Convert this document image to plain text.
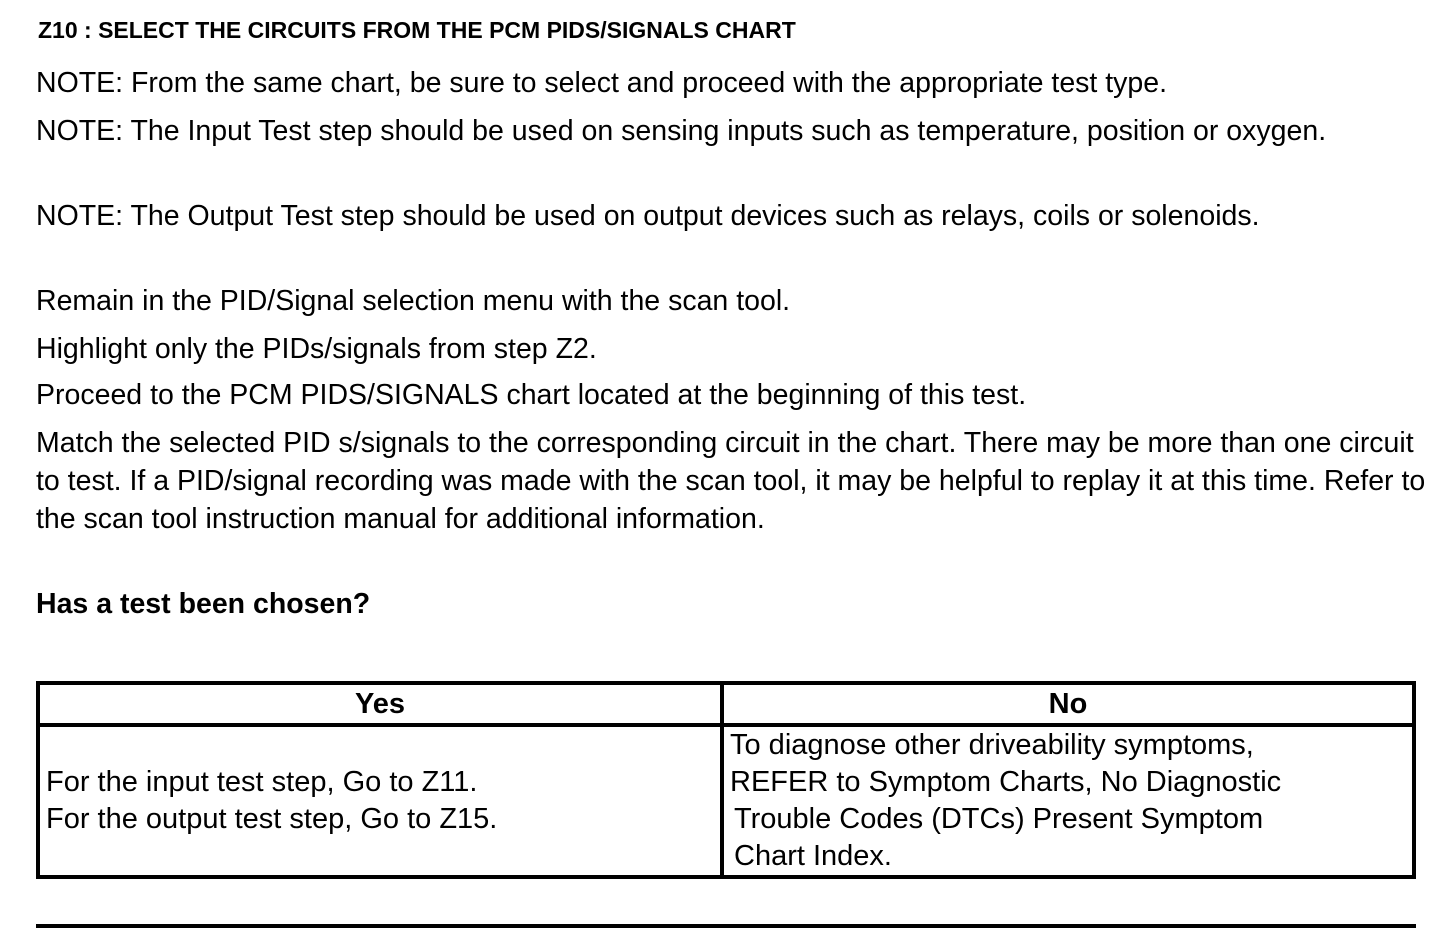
Z10 : SELECT THE CIRCUITS FROM THE PCM PIDS/SIGNALS CHART

NOTE: From the same chart, be sure to select and proceed with the appropriate test type.

NOTE: The Input Test step should be used on sensing inputs such as temperature, position or oxygen.

NOTE: The Output Test step should be used on output devices such as relays, coils or solenoids.

Remain in the PID/Signal selection menu with the scan tool.

Highlight only the PIDs/signals from step Z2.

Proceed to the PCM PIDS/SIGNALS chart located at the beginning of this test.

Match the selected PID s/signals to the corresponding circuit in the chart. There may be more than one circuit to test. If a PID/signal recording was made with the scan tool, it may be helpful to replay it at this time. Refer to the scan tool instruction manual for additional information.

Has a test been chosen?

Yes	No

For the input test step, Go to Z11.
For the output test step, Go to Z15.	To diagnose other driveability symptoms,
REFER to Symptom Charts, No Diagnostic
Trouble Codes (DTCs) Present Symptom
Chart Index.
